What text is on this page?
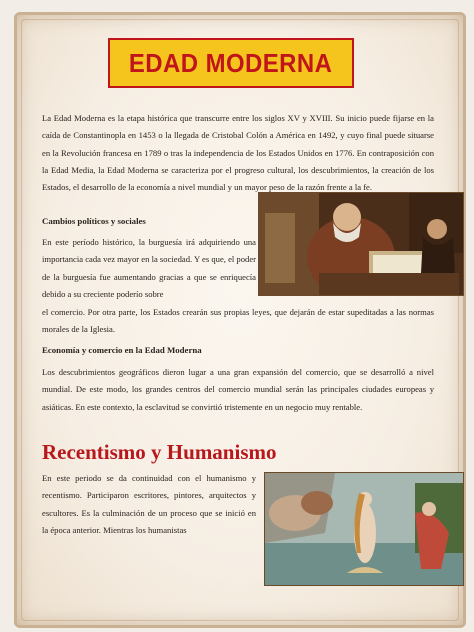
EDAD MODERNA

La Edad Moderna es la etapa histórica que transcurre entre los siglos XV y XVIII. Su inicio puede fijarse en la caída de Constantinopla en 1453 o la llegada de Cristobal Colón a América en 1492, y cuyo final puede situarse en la Revolución francesa en 1789 o tras la independencia de los Estados Unidos en 1776. En contraposición con la Edad Media, la Edad Moderna se caracteriza por el progreso cultural, los descubrimientos, la creación de los Estados, el desarrollo de la economía a nivel mundial y un mayor peso de la razón frente a la fe.

Cambios políticos y sociales

En este período histórico, la burguesía irá adquiriendo una importancia cada vez mayor en la sociedad. Y es que, el poder de la burguesía fue aumentando gracias a que se enriquecía debido a su creciente poderío sobre

el comercio. Por otra parte, los Estados crearán sus propias leyes, que dejarán de estar supeditadas a las normas morales de la Iglesia.

Economía y comercio en la Edad Moderna

Los descubrimientos geográficos dieron lugar a una gran expansión del comercio, que se desarrolló a nivel mundial. De este modo, los grandes centros del comercio mundial serán las principales ciudades europeas y asiáticas. En este contexto, la esclavitud se convirtió tristemente en un negocio muy rentable.

Recentismo y Humanismo

En este periodo se da continuidad con el humanismo y recentismo. Participaron escritores, pintores, arquitectos y escultores. Es la culminación de un proceso que se inició en la época anterior. Mientras los humanistas
